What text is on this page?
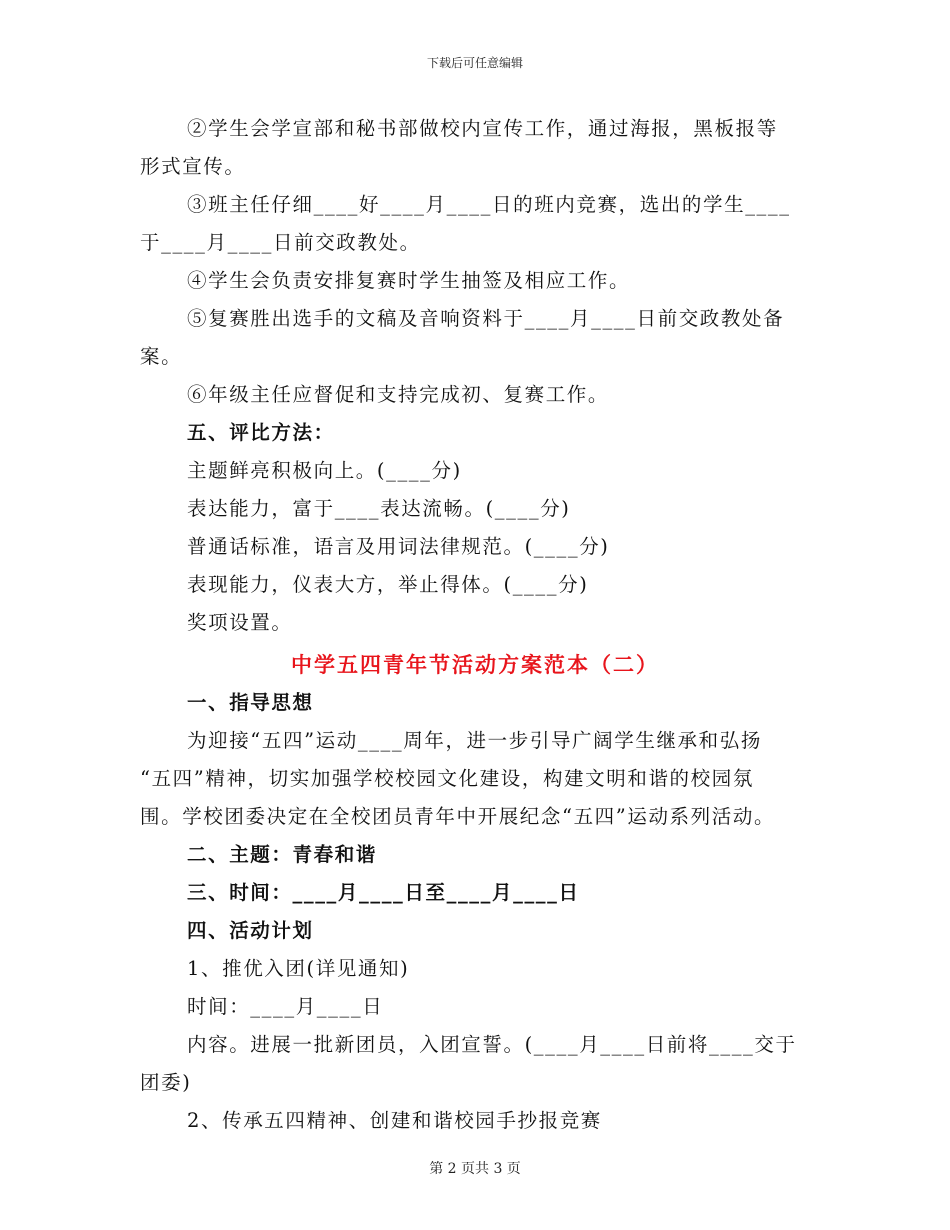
下载后可任意编辑
②学生会学宣部和秘书部做校内宣传工作，通过海报，黑板报等
形式宣传。
③班主任仔细____好____月____日的班内竞赛，选出的学生____
于____月____日前交政教处。
④学生会负责安排复赛时学生抽签及相应工作。
⑤复赛胜出选手的文稿及音响资料于____月____日前交政教处备
案。
⑥年级主任应督促和支持完成初、复赛工作。
五、评比方法：
主题鲜亮积极向上。(____分)
表达能力，富于____表达流畅。(____分)
普通话标准，语言及用词法律规范。(____分)
表现能力，仪表大方，举止得体。(____分)
奖项设置。
中学五四青年节活动方案范本（二）
一、指导思想
为迎接“五四”运动____周年，进一步引导广阔学生继承和弘扬
“五四”精神，切实加强学校校园文化建设，构建文明和谐的校园氛
围。学校团委决定在全校团员青年中开展纪念“五四”运动系列活动。
二、主题：青春和谐
三、时间：____月____日至____月____日
四、活动计划
1、推优入团(详见通知)
时间：____月____日
内容。进展一批新团员，入团宣誓。(____月____日前将____交于
团委)
2、传承五四精神、创建和谐校园手抄报竞赛
第 2 页共 3 页
